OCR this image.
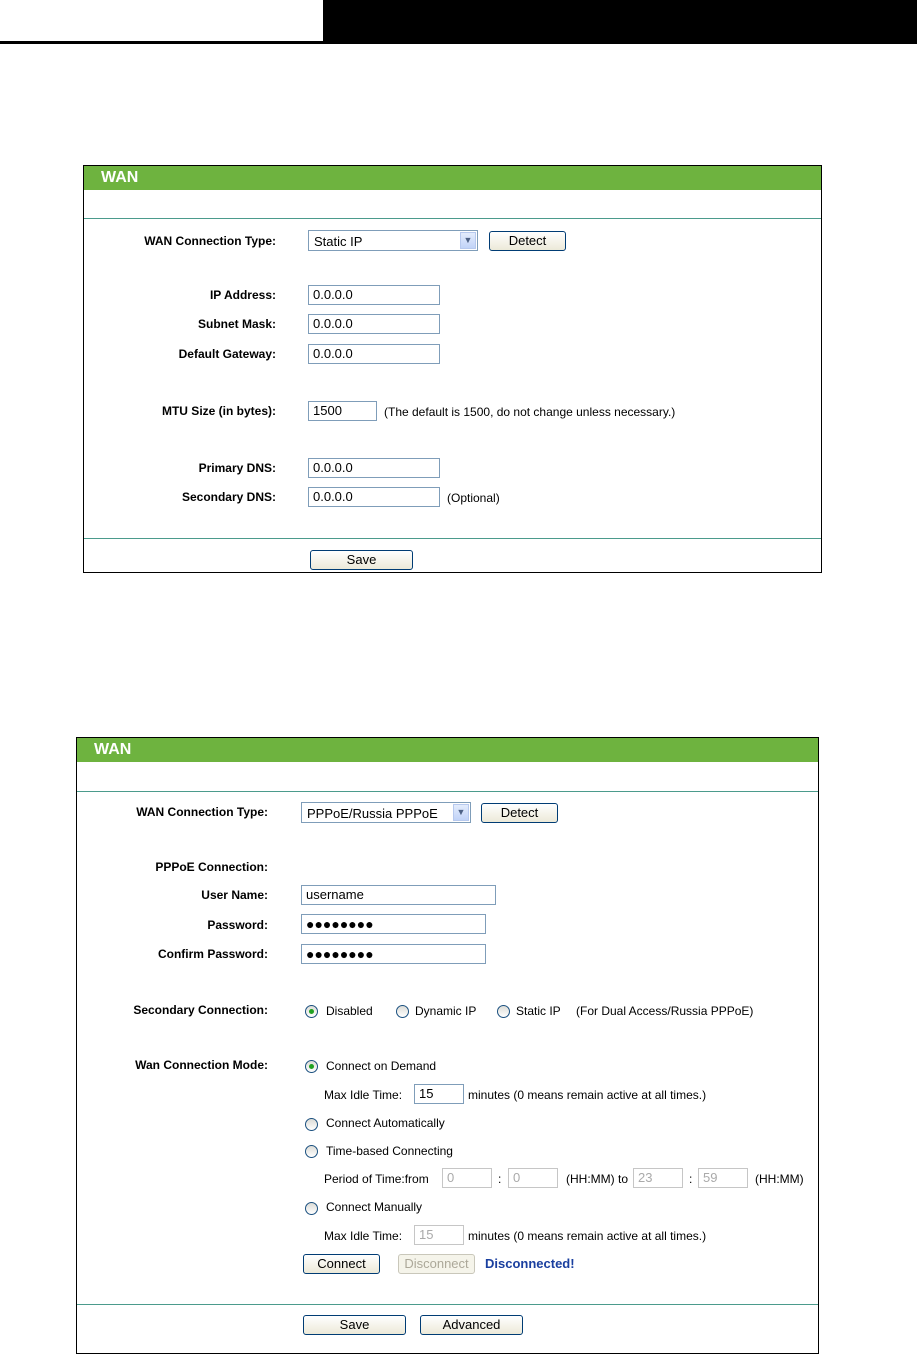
WAN
WAN Connection Type:	Static IP	▼	Detect
IP Address:	0.0.0.0
Subnet Mask:	0.0.0.0
Default Gateway:	0.0.0.0
MTU Size (in bytes):	1500	(The default is 1500, do not change unless necessary.)
Primary DNS:	0.0.0.0
Secondary DNS:	0.0.0.0	(Optional)
Save
WAN
WAN Connection Type:	PPPoE/Russia PPPoE	▼	Detect
PPPoE Connection:
User Name:	username
Password:	●●●●●●●●
Confirm Password:	●●●●●●●●
Secondary Connection:	Disabled	Dynamic IP	Static IP (For Dual Access/Russia PPPoE)
Wan Connection Mode:	Connect on Demand
Max Idle Time:	15	minutes (0 means remain active at all times.)
Connect Automatically
Time-based Connecting
Period of Time:from	0	: 0	(HH:MM) to 23	: 59	(HH:MM)
Connect Manually
Max Idle Time:	15	minutes (0 means remain active at all times.)
Connect	Disconnect	Disconnected!
Save	Advanced
